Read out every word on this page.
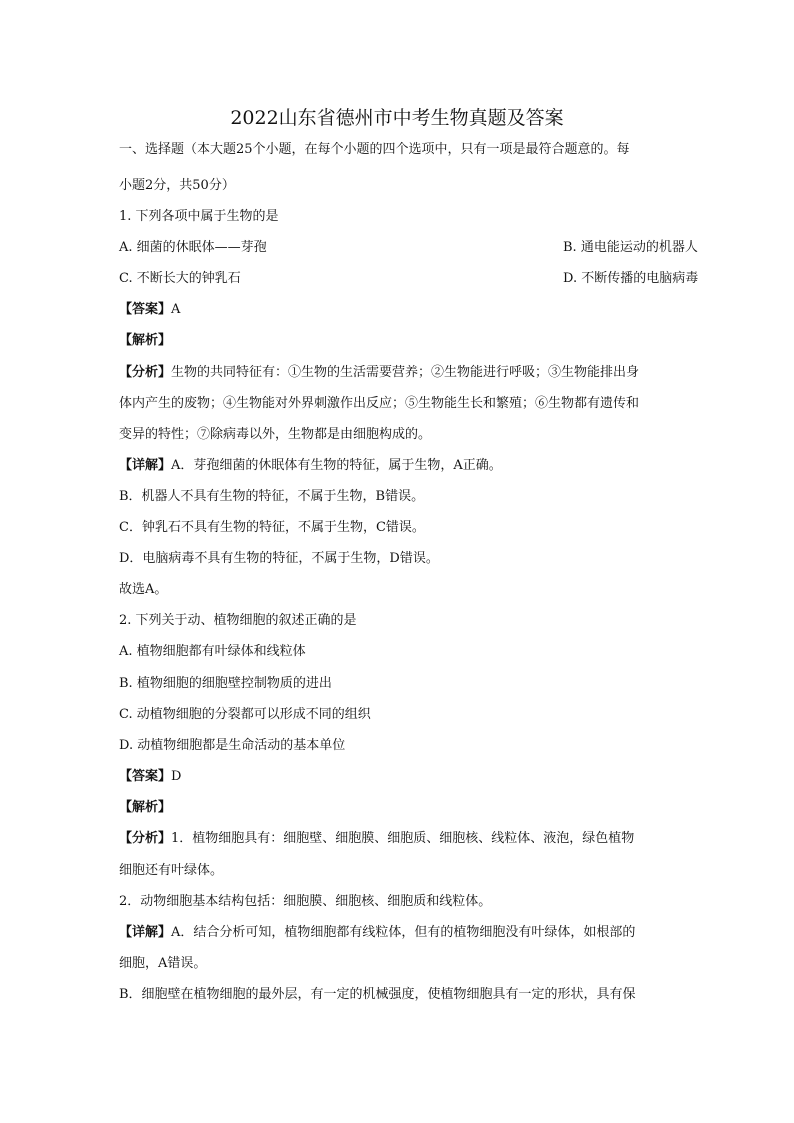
2022山东省德州市中考生物真题及答案
一、选择题（本大题25个小题，在每个小题的四个选项中，只有一项是最符合题意的。每
小题2分，共50分）
1. 下列各项中属于生物的是
A. 细菌的休眠体——芽孢	B. 通电能运动的机器人
C. 不断长大的钟乳石	D. 不断传播的电脑病毒
【答案】A
【解析】
【分析】生物的共同特征有：①生物的生活需要营养；②生物能进行呼吸；③生物能排出身
体内产生的废物；④生物能对外界刺激作出反应；⑤生物能生长和繁殖；⑥生物都有遗传和
变异的特性；⑦除病毒以外，生物都是由细胞构成的。
【详解】A．芽孢细菌的休眠体有生物的特征，属于生物，A正确。
B．机器人不具有生物的特征，不属于生物，B错误。
C．钟乳石不具有生物的特征，不属于生物，C错误。
D．电脑病毒不具有生物的特征，不属于生物，D错误。
故选A。
2. 下列关于动、植物细胞的叙述正确的是
A. 植物细胞都有叶绿体和线粒体
B. 植物细胞的细胞壁控制物质的进出
C. 动植物细胞的分裂都可以形成不同的组织
D. 动植物细胞都是生命活动的基本单位
【答案】D
【解析】
【分析】1．植物细胞具有：细胞壁、细胞膜、细胞质、细胞核、线粒体、液泡，绿色植物
细胞还有叶绿体。
2．动物细胞基本结构包括：细胞膜、细胞核、细胞质和线粒体。
【详解】A．结合分析可知，植物细胞都有线粒体，但有的植物细胞没有叶绿体，如根部的
细胞，A错误。
B．细胞壁在植物细胞的最外层，有一定的机械强度，使植物细胞具有一定的形状，具有保
